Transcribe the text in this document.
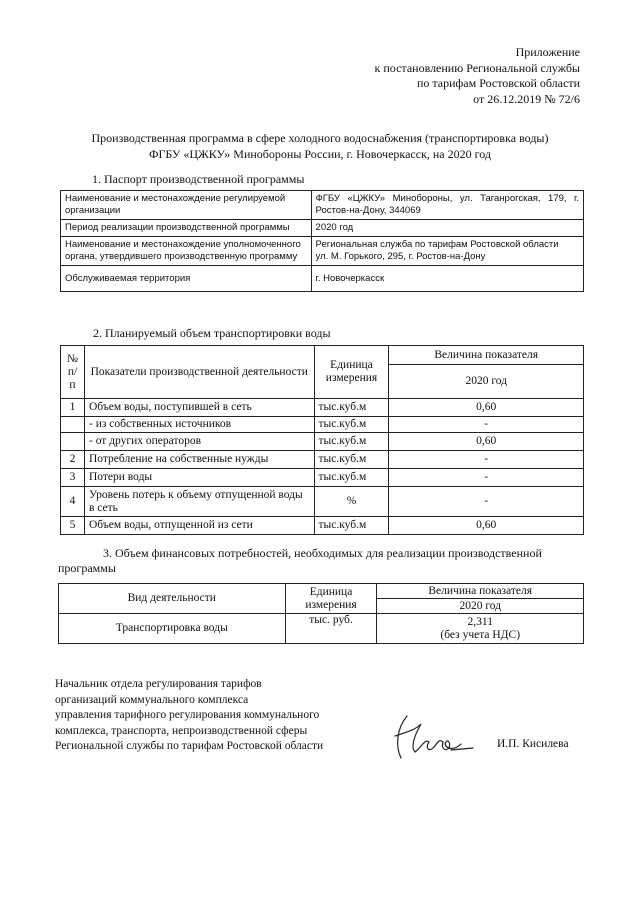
Приложение
к постановлению Региональной службы
по тарифам Ростовской области
от 26.12.2019 № 72/6
Производственная программа в сфере холодного водоснабжения (транспортировка воды)
ФГБУ «ЦЖКУ» Минобороны России, г. Новочеркасск, на 2020 год
1. Паспорт производственной программы
Наименование и местонахождение регулируемой организации	ФГБУ «ЦЖКУ» Минобороны, ул. Таганрогская, 179, г. Ростов-на-Дону, 344069
Период реализации производственной программы	2020 год
Наименование и местонахождение уполномоченного органа, утвердившего производственную программу	Региональная служба по тарифам Ростовской области
ул. М. Горького, 295, г. Ростов-на-Дону

Обслуживаемая территория	г. Новочеркасск
2. Планируемый объем транспортировки воды
№ п/п	Показатели производственной деятельности	Единица измерения	Величина показателя
			2020 год
1	Объем воды, поступившей в сеть	тыс.куб.м	0,60
	- из собственных источников	тыс.куб.м	-
	- от других операторов	тыс.куб.м	0,60
2	Потребление на собственные нужды	тыс.куб.м	-
3	Потери воды	тыс.куб.м	-
4	Уровень потерь к объему отпущенной воды в сеть	%	-
5	Объем воды, отпущенной из сети	тыс.куб.м	0,60
3. Объем финансовых потребностей, необходимых для реализации производственной программы
Вид деятельности	Единица измерения	Величина показателя
		2020 год
Транспортировка воды	тыс. руб.	2,311
(без учета НДС)
Начальник отдела регулирования тарифов
организаций коммунального комплекса
управления тарифного регулирования коммунального
комплекса, транспорта, непроизводственной сферы
Региональной службы по тарифам Ростовской области	И.П. Кисилева
